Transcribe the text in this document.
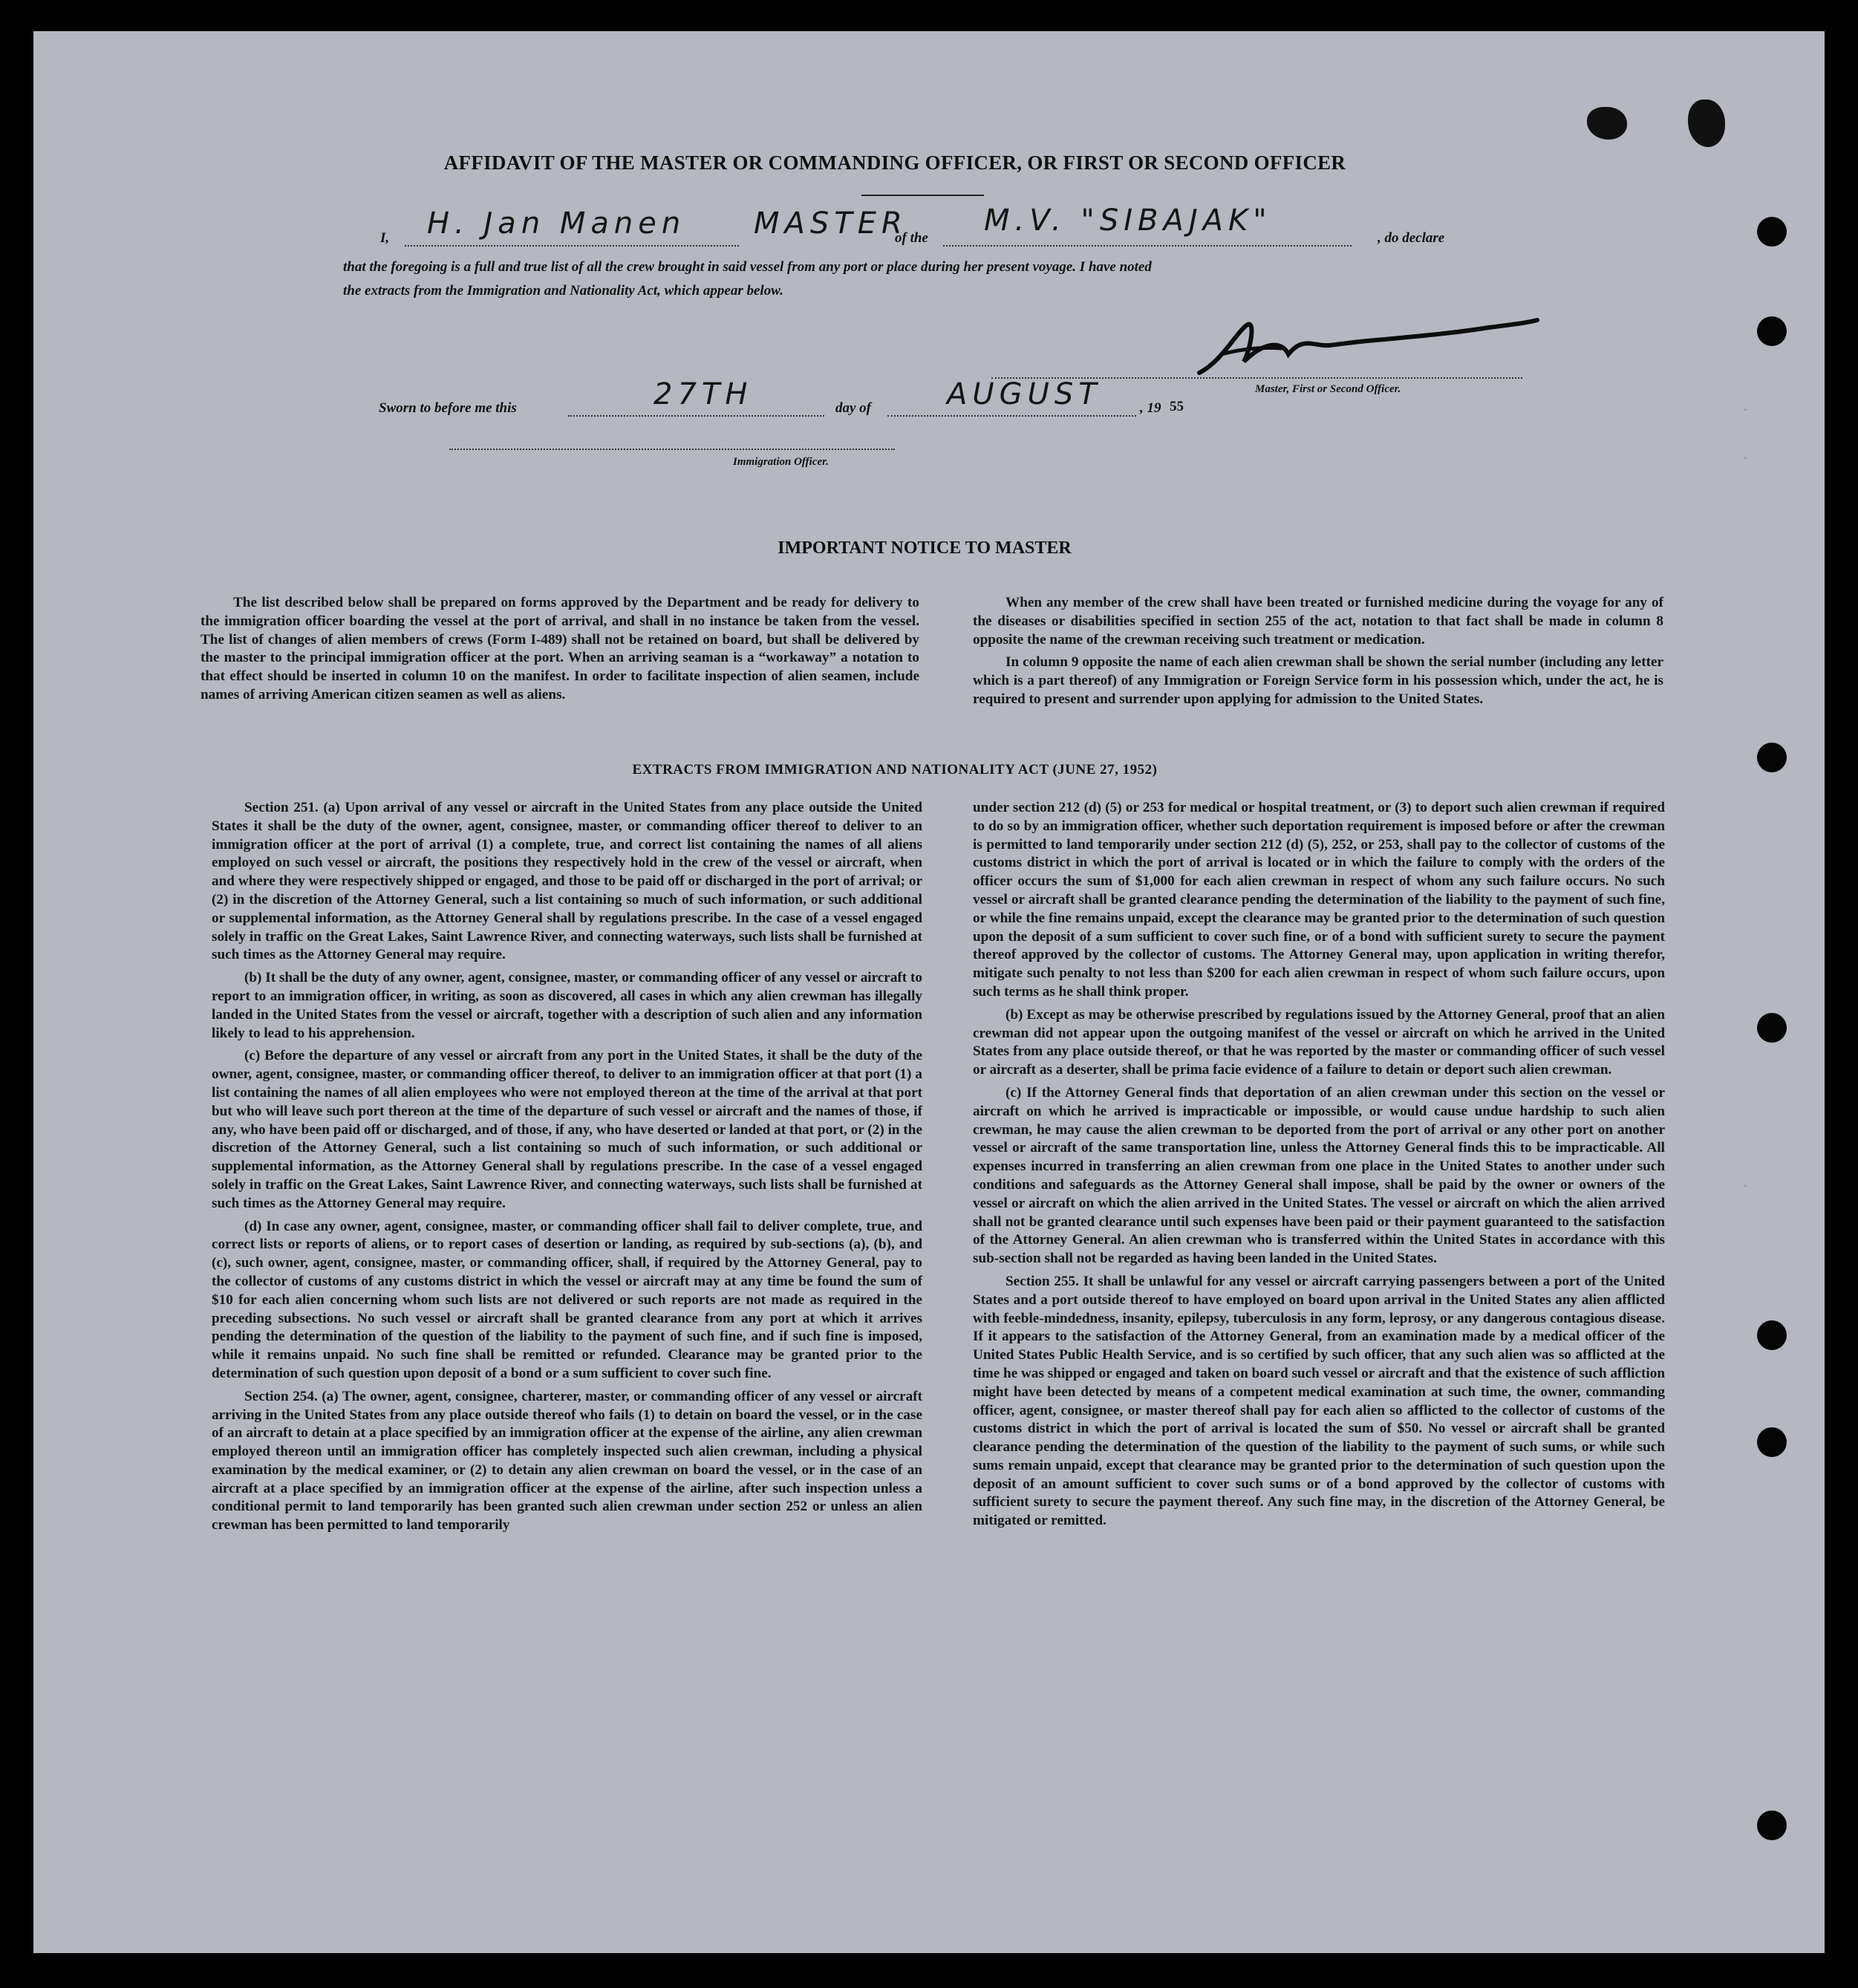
.
.
.
AFFIDAVIT OF THE MASTER OR COMMANDING OFFICER, OR FIRST OR SECOND OFFICER
I, H. Jan Manen MASTER
of the
M.V. "SIBAJAK"
, do declare
that the foregoing is a full and true list of all the crew brought in said vessel from any port or place during her present voyage. I have noted
the extracts from the Immigration and Nationality Act, which appear below.
Master, First or Second Officer.
Sworn to before me this	27TH	day of	AUGUST	, 19 55
Immigration Officer.
IMPORTANT NOTICE TO MASTER

The list described below shall be prepared on forms approved by the Department and be ready for delivery to the immigration officer boarding the vessel at the port of arrival, and shall in no instance be taken from the vessel. The list of changes of alien members of crews (Form I-489) shall not be retained on board, but shall be delivered by the master to the principal immigration officer at the port. When an arriving seaman is a “workaway” a notation to that effect should be inserted in column 10 on the manifest. In order to facilitate inspection of alien seamen, include names of arriving American citizen seamen as well as aliens.

When any member of the crew shall have been treated or furnished medicine during the voyage for any of the diseases or disabilities specified in section 255 of the act, notation to that fact shall be made in column 8 opposite the name of the crewman receiving such treatment or medication.

In column 9 opposite the name of each alien crewman shall be shown the serial number (including any letter which is a part thereof) of any Immigration or Foreign Service form in his possession which, under the act, he is required to present and surrender upon applying for admission to the United States.

EXTRACTS FROM IMMIGRATION AND NATIONALITY ACT (JUNE 27, 1952)

Section 251. (a) Upon arrival of any vessel or aircraft in the United States from any place outside the United States it shall be the duty of the owner, agent, consignee, master, or commanding officer thereof to deliver to an immigration officer at the port of arrival (1) a complete, true, and correct list containing the names of all aliens employed on such vessel or aircraft, the positions they respectively hold in the crew of the vessel or aircraft, when and where they were respectively shipped or engaged, and those to be paid off or discharged in the port of arrival; or (2) in the discretion of the Attorney General, such a list containing so much of such information, or such additional or supplemental information, as the Attorney General shall by regulations prescribe. In the case of a vessel engaged solely in traffic on the Great Lakes, Saint Lawrence River, and connecting waterways, such lists shall be furnished at such times as the Attorney General may require.

(b) It shall be the duty of any owner, agent, consignee, master, or commanding officer of any vessel or aircraft to report to an immigration officer, in writing, as soon as discovered, all cases in which any alien crewman has illegally landed in the United States from the vessel or aircraft, together with a description of such alien and any information likely to lead to his apprehension.

(c) Before the departure of any vessel or aircraft from any port in the United States, it shall be the duty of the owner, agent, consignee, master, or commanding officer thereof, to deliver to an immigration officer at that port (1) a list containing the names of all alien employees who were not employed thereon at the time of the arrival at that port but who will leave such port thereon at the time of the departure of such vessel or aircraft and the names of those, if any, who have been paid off or discharged, and of those, if any, who have deserted or landed at that port, or (2) in the discretion of the Attorney General, such a list containing so much of such information, or such additional or supplemental information, as the Attorney General shall by regulations prescribe. In the case of a vessel engaged solely in traffic on the Great Lakes, Saint Lawrence River, and connecting waterways, such lists shall be furnished at such times as the Attorney General may require.

(d) In case any owner, agent, consignee, master, or commanding officer shall fail to deliver complete, true, and correct lists or reports of aliens, or to report cases of desertion or landing, as required by sub-sections (a), (b), and (c), such owner, agent, consignee, master, or commanding officer, shall, if required by the Attorney General, pay to the collector of customs of any customs district in which the vessel or aircraft may at any time be found the sum of $10 for each alien concerning whom such lists are not delivered or such reports are not made as required in the preceding subsections. No such vessel or aircraft shall be granted clearance from any port at which it arrives pending the determination of the question of the liability to the payment of such fine, and if such fine is imposed, while it remains unpaid. No such fine shall be remitted or refunded. Clearance may be granted prior to the determination of such question upon deposit of a bond or a sum sufficient to cover such fine.

Section 254. (a) The owner, agent, consignee, charterer, master, or commanding officer of any vessel or aircraft arriving in the United States from any place outside thereof who fails (1) to detain on board the vessel, or in the case of an aircraft to detain at a place specified by an immigration officer at the expense of the airline, any alien crewman employed thereon until an immigration officer has completely inspected such alien crewman, including a physical examination by the medical examiner, or (2) to detain any alien crewman on board the vessel, or in the case of an aircraft at a place specified by an immigration officer at the expense of the airline, after such inspection unless a conditional permit to land temporarily has been granted such alien crewman under section 252 or unless an alien crewman has been permitted to land temporarily

under section 212 (d) (5) or 253 for medical or hospital treatment, or (3) to deport such alien crewman if required to do so by an immigration officer, whether such deportation requirement is imposed before or after the crewman is permitted to land temporarily under section 212 (d) (5), 252, or 253, shall pay to the collector of customs of the customs district in which the port of arrival is located or in which the failure to comply with the orders of the officer occurs the sum of $1,000 for each alien crewman in respect of whom any such failure occurs. No such vessel or aircraft shall be granted clearance pending the determination of the liability to the payment of such fine, or while the fine remains unpaid, except the clearance may be granted prior to the determination of such question upon the deposit of a sum sufficient to cover such fine, or of a bond with sufficient surety to secure the payment thereof approved by the collector of customs. The Attorney General may, upon application in writing therefor, mitigate such penalty to not less than $200 for each alien crewman in respect of whom such failure occurs, upon such terms as he shall think proper.

(b) Except as may be otherwise prescribed by regulations issued by the Attorney General, proof that an alien crewman did not appear upon the outgoing manifest of the vessel or aircraft on which he arrived in the United States from any place outside thereof, or that he was reported by the master or commanding officer of such vessel or aircraft as a deserter, shall be prima facie evidence of a failure to detain or deport such alien crewman.

(c) If the Attorney General finds that deportation of an alien crewman under this section on the vessel or aircraft on which he arrived is impracticable or impossible, or would cause undue hardship to such alien crewman, he may cause the alien crewman to be deported from the port of arrival or any other port on another vessel or aircraft of the same transportation line, unless the Attorney General finds this to be impracticable. All expenses incurred in transferring an alien crewman from one place in the United States to another under such conditions and safeguards as the Attorney General shall impose, shall be paid by the owner or owners of the vessel or aircraft on which the alien arrived in the United States. The vessel or aircraft on which the alien arrived shall not be granted clearance until such expenses have been paid or their payment guaranteed to the satisfaction of the Attorney General. An alien crewman who is transferred within the United States in accordance with this sub-section shall not be regarded as having been landed in the United States.

Section 255. It shall be unlawful for any vessel or aircraft carrying passengers between a port of the United States and a port outside thereof to have employed on board upon arrival in the United States any alien afflicted with feeble-mindedness, insanity, epilepsy, tuberculosis in any form, leprosy, or any dangerous contagious disease. If it appears to the satisfaction of the Attorney General, from an examination made by a medical officer of the United States Public Health Service, and is so certified by such officer, that any such alien was so afflicted at the time he was shipped or engaged and taken on board such vessel or aircraft and that the existence of such affliction might have been detected by means of a competent medical examination at such time, the owner, commanding officer, agent, consignee, or master thereof shall pay for each alien so afflicted to the collector of customs of the customs district in which the port of arrival is located the sum of $50. No vessel or aircraft shall be granted clearance pending the determination of the question of the liability to the payment of such sums, or while such sums remain unpaid, except that clearance may be granted prior to the determination of such question upon the deposit of an amount sufficient to cover such sums or of a bond approved by the collector of customs with sufficient surety to secure the payment thereof. Any such fine may, in the discretion of the Attorney General, be mitigated or remitted.
